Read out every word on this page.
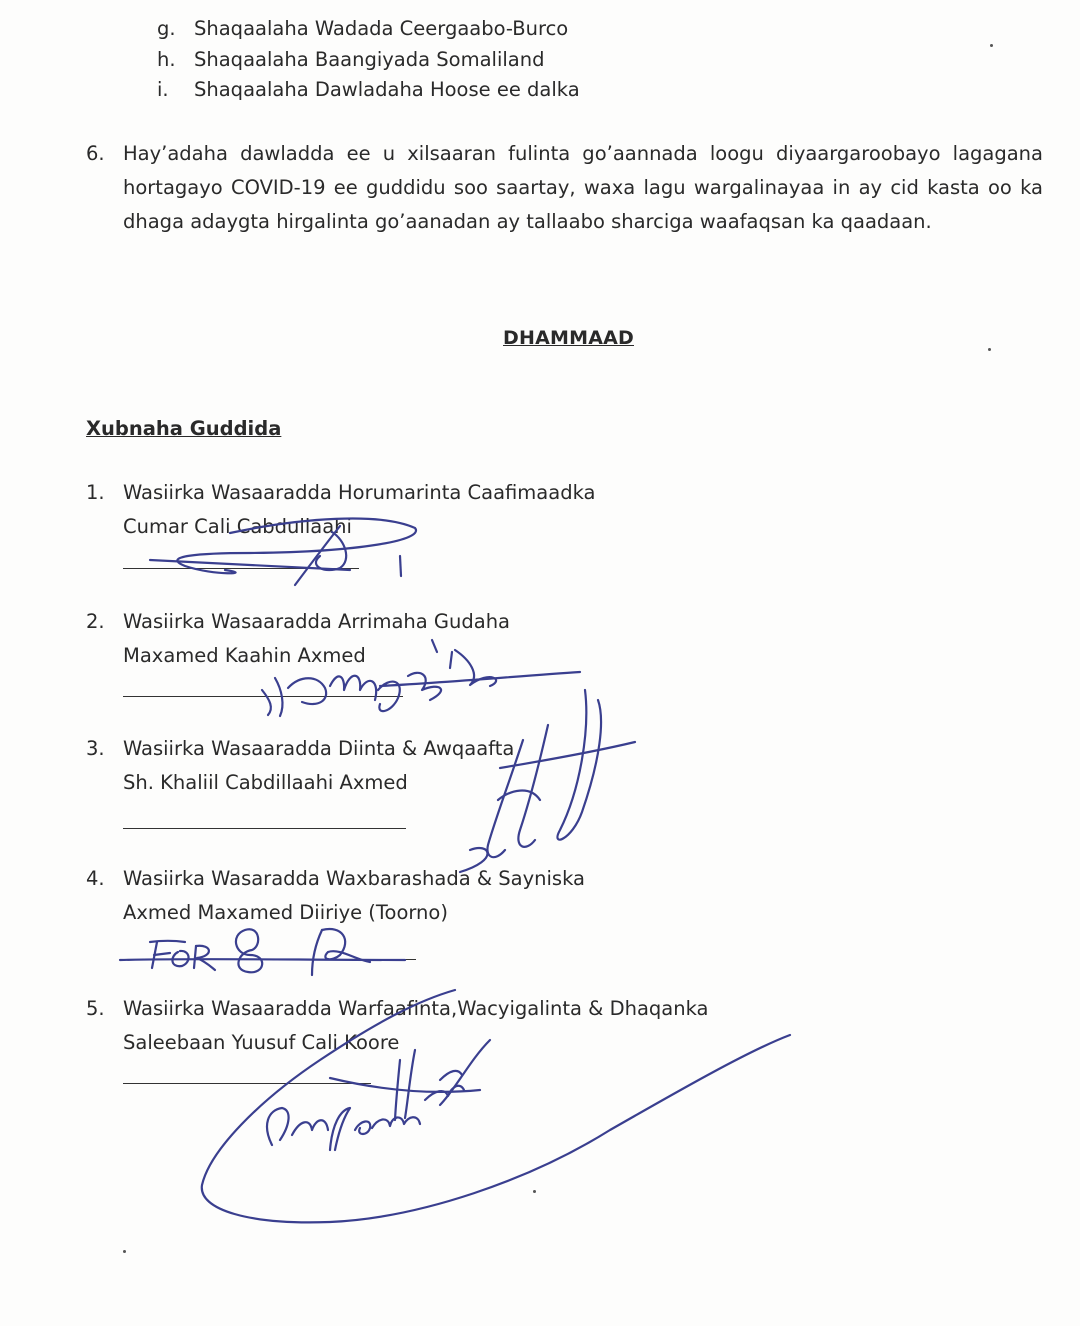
g. Shaqaalaha Wadada Ceergaabo-Burco
h. Shaqaalaha Baangiyada Somaliland
i.	Shaqaalaha Dawladaha Hoose ee dalka
6. Hay’adaha dawladda ee u xilsaaran fulinta go’aannada loogu diyaargaroobayo lagagana
hortagayo COVID-19 ee guddidu soo saartay, waxa lagu wargalinayaa in ay cid kasta oo ka
dhaga adaygta hirgalinta go’aanadan ay tallaabo sharciga waafaqsan ka qaadaan.
DHAMMAAD
Xubnaha Guddida
1. Wasiirka Wasaaradda Horumarinta Caafimaadka
Cumar Cali Cabdullaahi
2. Wasiirka Wasaaradda Arrimaha Gudaha
Maxamed Kaahin Axmed
3. Wasiirka Wasaaradda Diinta & Awqaafta
Sh. Khaliil Cabdillaahi Axmed
4. Wasiirka Wasaradda Waxbarashada & Sayniska
Axmed Maxamed Diiriye (Toorno)
5. Wasiirka Wasaaradda Warfaafinta,Wacyigalinta & Dhaqanka
Saleebaan Yuusuf Cali Koore
